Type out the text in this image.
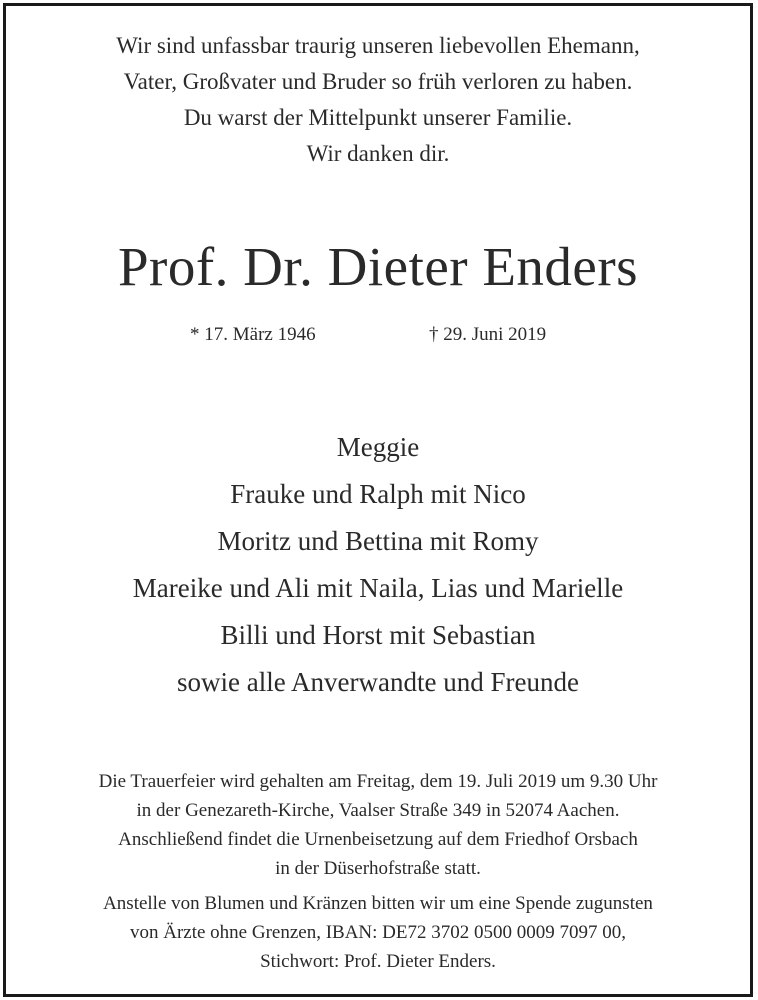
Wir sind unfassbar traurig unseren liebevollen Ehemann,
Vater, Großvater und Bruder so früh verloren zu haben.
Du warst der Mittelpunkt unserer Familie.
Wir danken dir.
Prof. Dr. Dieter Enders
* 17. März 1946	† 29. Juni 2019
Meggie
Frauke und Ralph mit Nico
Moritz und Bettina mit Romy
Mareike und Ali mit Naila, Lias und Marielle
Billi und Horst mit Sebastian
sowie alle Anverwandte und Freunde
Die Trauerfeier wird gehalten am Freitag, dem 19. Juli 2019 um 9.30 Uhr
in der Genezareth-Kirche, Vaalser Straße 349 in 52074 Aachen.
Anschließend findet die Urnenbeisetzung auf dem Friedhof Orsbach
in der Düserhofstraße statt.
Anstelle von Blumen und Kränzen bitten wir um eine Spende zugunsten
von Ärzte ohne Grenzen, IBAN: DE72 3702 0500 0009 7097 00,
Stichwort: Prof. Dieter Enders.
